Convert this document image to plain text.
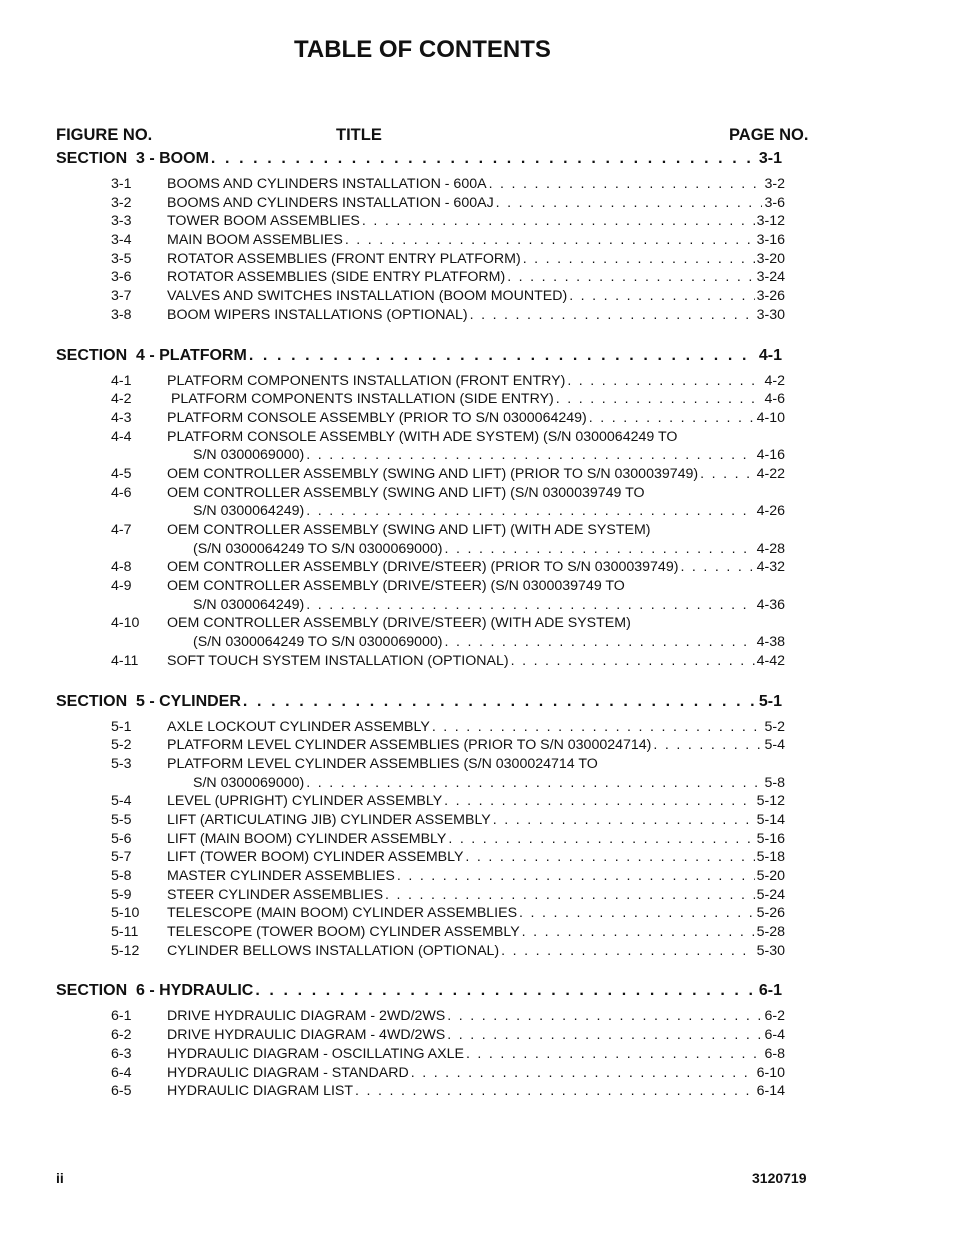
TABLE OF CONTENTS
FIGURE NO.	TITLE	PAGE NO.
SECTION  3 - BOOM . . .	3-1
3-1	BOOMS AND CYLINDERS INSTALLATION - 600A . . .	3-2
3-2	BOOMS AND CYLINDERS INSTALLATION - 600AJ . . .	3-6
3-3	TOWER BOOM ASSEMBLIES . . .	3-12
3-4	MAIN BOOM ASSEMBLIES . . .	3-16
3-5	ROTATOR ASSEMBLIES (FRONT ENTRY PLATFORM) . . .	3-20
3-6	ROTATOR ASSEMBLIES (SIDE ENTRY PLATFORM) . . .	3-24
3-7	VALVES AND SWITCHES INSTALLATION (BOOM MOUNTED) . . .	3-26
3-8	BOOM WIPERS INSTALLATIONS (OPTIONAL) . . .	3-30
SECTION  4 - PLATFORM . . .	4-1
4-1	PLATFORM COMPONENTS INSTALLATION (FRONT ENTRY) . . .	4-2
4-2	PLATFORM COMPONENTS INSTALLATION (SIDE ENTRY) . . .	4-6
4-3	PLATFORM CONSOLE ASSEMBLY (PRIOR TO S/N 0300064249) . . .	4-10
4-4	PLATFORM CONSOLE ASSEMBLY (WITH ADE SYSTEM) (S/N 0300064249 TO
S/N 0300069000) . . .	4-16
4-5	OEM CONTROLLER ASSEMBLY (SWING AND LIFT) (PRIOR TO S/N 0300039749) . . .	4-22
4-6	OEM CONTROLLER ASSEMBLY (SWING AND LIFT) (S/N 0300039749 TO
S/N 0300064249) . . .	4-26
4-7	OEM CONTROLLER ASSEMBLY (SWING AND LIFT) (WITH ADE SYSTEM)
(S/N 0300064249 TO S/N 0300069000) . . .	4-28
4-8	OEM CONTROLLER ASSEMBLY (DRIVE/STEER) (PRIOR TO S/N 0300039749) . . .	4-32
4-9	OEM CONTROLLER ASSEMBLY (DRIVE/STEER) (S/N 0300039749 TO
S/N 0300064249) . . .	4-36
4-10	OEM CONTROLLER ASSEMBLY (DRIVE/STEER) (WITH ADE SYSTEM)
(S/N 0300064249 TO S/N 0300069000) . . .	4-38
4-11	SOFT TOUCH SYSTEM INSTALLATION (OPTIONAL) . . .	4-42
SECTION  5 - CYLINDER . . .	5-1
5-1	AXLE LOCKOUT CYLINDER ASSEMBLY . . .	5-2
5-2	PLATFORM LEVEL CYLINDER ASSEMBLIES (PRIOR TO S/N 0300024714) . . .	5-4
5-3	PLATFORM LEVEL CYLINDER ASSEMBLIES (S/N 0300024714 TO
S/N 0300069000) . . .	5-8
5-4	LEVEL (UPRIGHT) CYLINDER ASSEMBLY . . .	5-12
5-5	LIFT (ARTICULATING JIB) CYLINDER ASSEMBLY . . .	5-14
5-6	LIFT (MAIN BOOM) CYLINDER ASSEMBLY . . .	5-16
5-7	LIFT (TOWER BOOM) CYLINDER ASSEMBLY . . .	5-18
5-8	MASTER CYLINDER ASSEMBLIES . . .	5-20
5-9	STEER CYLINDER ASSEMBLIES . . .	5-24
5-10	TELESCOPE (MAIN BOOM) CYLINDER ASSEMBLIES . . .	5-26
5-11	TELESCOPE (TOWER BOOM) CYLINDER ASSEMBLY . . .	5-28
5-12	CYLINDER BELLOWS INSTALLATION (OPTIONAL) . . .	5-30
SECTION  6 - HYDRAULIC . . .	6-1
6-1	DRIVE HYDRAULIC DIAGRAM - 2WD/2WS . . .	6-2
6-2	DRIVE HYDRAULIC DIAGRAM - 4WD/2WS . . .	6-4
6-3	HYDRAULIC DIAGRAM - OSCILLATING AXLE . . .	6-8
6-4	HYDRAULIC DIAGRAM - STANDARD . . .	6-10
6-5	HYDRAULIC DIAGRAM LIST . . .	6-14
ii	3120719
